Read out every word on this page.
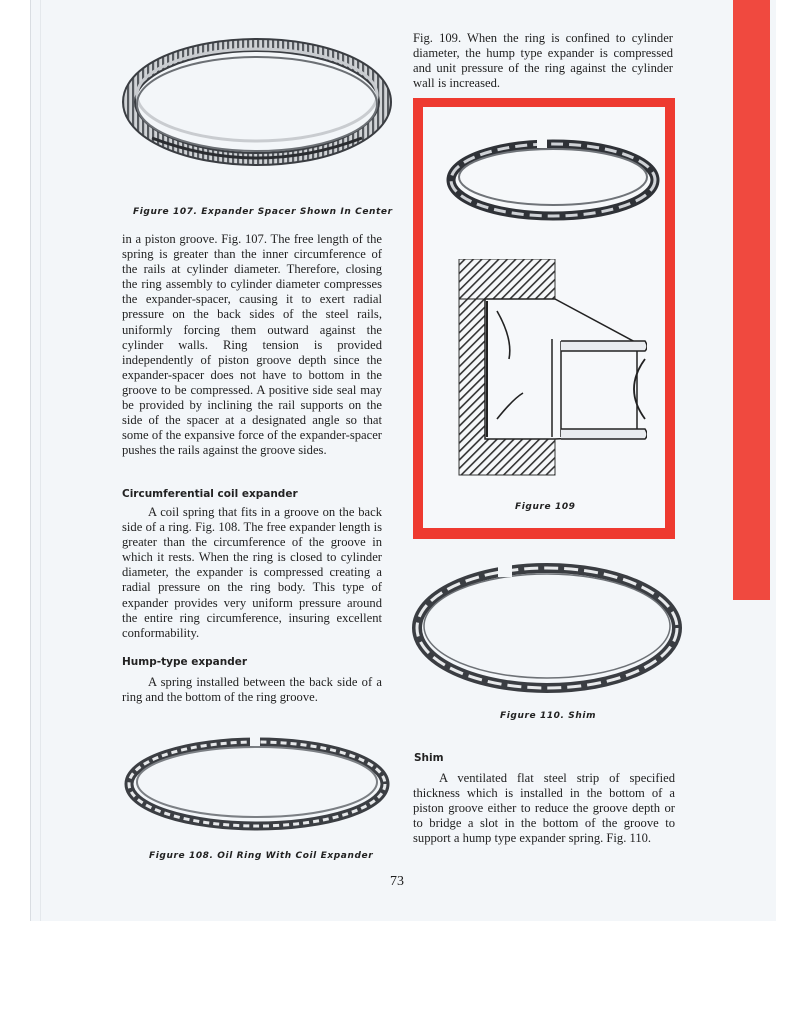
Figure 107. Expander Spacer Shown In Center

in a piston groove. Fig. 107. The free length of the spring is greater than the inner circumference of the rails at cylinder diameter. Therefore, closing the ring assembly to cylinder diameter compresses the expander-spacer, causing it to exert radial pressure on the back sides of the steel rails, uniformly forcing them outward against the cylinder walls. Ring tension is provided independently of piston groove depth since the expander-spacer does not have to bottom in the groove to be compressed. A positive side seal may be provided by inclining the rail supports on the side of the spacer at a designated angle so that some of the expansive force of the expander-spacer pushes the rails against the groove sides.

Circumferential coil expander

A coil spring that fits in a groove on the back side of a ring. Fig. 108. The free expander length is greater than the circumference of the groove in which it rests. When the ring is closed to cylinder diameter, the expander is compressed creating a radial pressure on the ring body. This type of expander provides very uniform pressure around the entire ring circumference, insuring excellent conformability.

Hump-type expander

A spring installed between the back side of a ring and the bottom of the ring groove.

Figure 108. Oil Ring With Coil Expander

Fig. 109. When the ring is confined to cylinder diameter, the hump type expander is compressed and unit pressure of the ring against the cylinder wall is increased.

Figure 109

Figure 110. Shim

Shim

A ventilated flat steel strip of specified thickness which is installed in the bottom of a piston groove either to reduce the groove depth or to bridge a slot in the bottom of the groove to support a hump type expander spring. Fig. 110.

73
